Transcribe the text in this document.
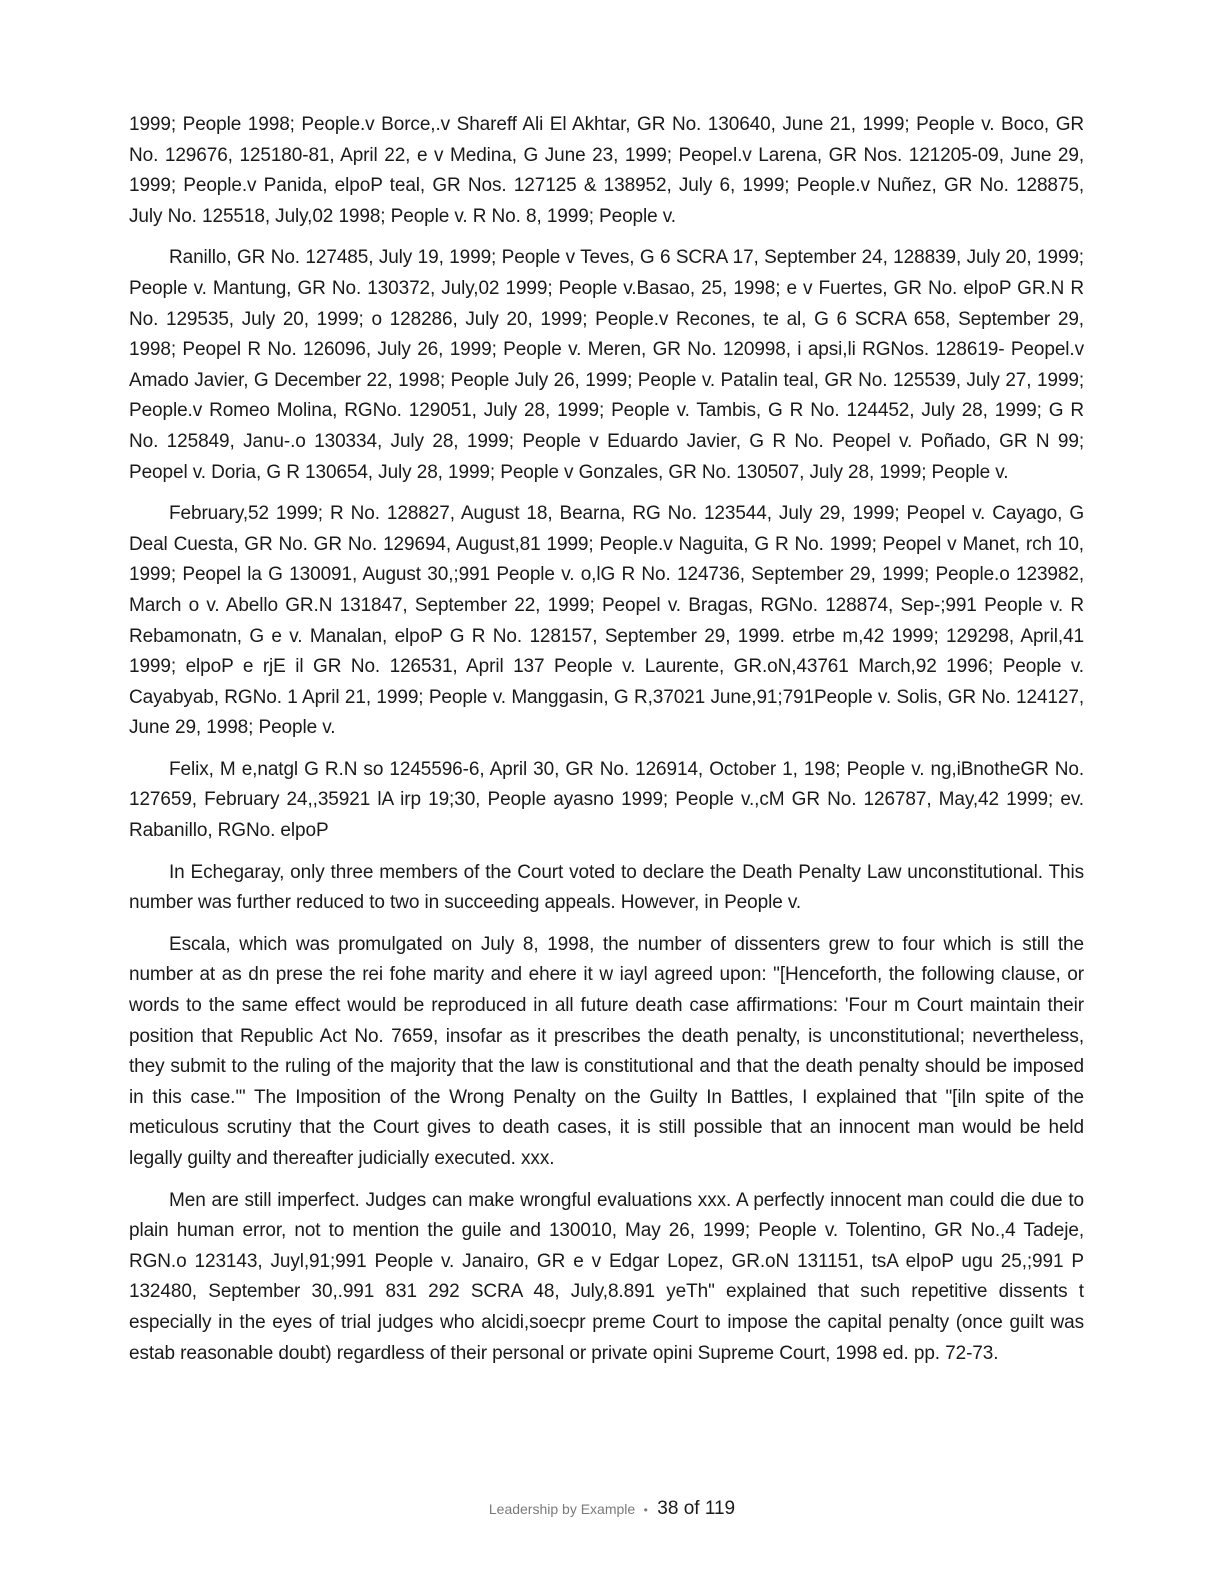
1999; People 1998; People.v Borce,.v Shareff Ali El Akhtar, GR No. 130640, June 21, 1999; People v. Boco, GR No. 129676, 125180-81, April 22, e v Medina, G June 23, 1999; Peopel.v Larena, GR Nos. 121205-09, June 29, 1999; People.v Panida, elpoP teal, GR Nos. 127125 & 138952, July 6, 1999; People.v Nuñez, GR No. 128875, July No. 125518, July,02 1998; People v. R No. 8, 1999; People v.

Ranillo, GR No. 127485, July 19, 1999; People v Teves, G 6 SCRA 17, September 24, 128839, July 20, 1999; People v. Mantung, GR No. 130372, July,02 1999; People v.Basao, 25, 1998; e v Fuertes, GR No. elpoP GR.N R No. 129535, July 20, 1999; o 128286, July 20, 1999; People.v Recones, te al, G 6 SCRA 658, September 29, 1998; Peopel R No. 126096, July 26, 1999; People v. Meren, GR No. 120998, i apsi,li RGNos. 128619- Peopel.v Amado Javier, G December 22, 1998; People July 26, 1999; People v. Patalin teal, GR No. 125539, July 27, 1999; People.v Romeo Molina, RGNo. 129051, July 28, 1999; People v. Tambis, G R No. 124452, July 28, 1999; G R No. 125849, Janu-.o 130334, July 28, 1999; People v Eduardo Javier, G R No. Peopel v. Poñado, GR N 99; Peopel v. Doria, G R 130654, July 28, 1999; People v Gonzales, GR No. 130507, July 28, 1999; People v.

February,52 1999; R No. 128827, August 18, Bearna, RG No. 123544, July 29, 1999; Peopel v. Cayago, G Deal Cuesta, GR No. GR No. 129694, August,81 1999; People.v Naguita, G R No. 1999; Peopel v Manet, rch 10, 1999; Peopel la G 130091, August 30,;991 People v. o,lG R No. 124736, September 29, 1999; People.o 123982, March o v. Abello GR.N 131847, September 22, 1999; Peopel v. Bragas, RGNo. 128874, Sep-;991 People v. R Rebamonatn, G e v. Manalan, elpoP G R No. 128157, September 29, 1999. etrbe m,42 1999; 129298, April,41 1999; elpoP e rjE il GR No. 126531, April 137 People v. Laurente, GR.oN,43761 March,92 1996; People v. Cayabyab, RGNo. 1 April 21, 1999; People v. Manggasin, G R,37021 June,91;791People v. Solis, GR No. 124127, June 29, 1998; People v.

Felix, M e,natgl G R.N so 1245596-6, April 30, GR No. 126914, October 1, 198; People v. ng,iBnotheGR No. 127659, February 24,,35921 lA irp 19;30, People ayasno 1999; People v.,cM GR No. 126787, May,42 1999; ev. Rabanillo, RGNo. elpoP

In Echegaray, only three members of the Court voted to declare the Death Penalty Law unconstitutional. This number was further reduced to two in succeeding appeals. However, in People v.

Escala, which was promulgated on July 8, 1998, the number of dissenters grew to four which is still the number at as dn prese the rei fohe marity and ehere it w iayl agreed upon: "[Henceforth, the following clause, or words to the same effect would be reproduced in all future death case affirmations: 'Four m Court maintain their position that Republic Act No. 7659, insofar as it prescribes the death penalty, is unconstitutional; nevertheless, they submit to the ruling of the majority that the law is constitutional and that the death penalty should be imposed in this case.'" The Imposition of the Wrong Penalty on the Guilty In Battles, I explained that "[iln spite of the meticulous scrutiny that the Court gives to death cases, it is still possible that an innocent man would be held legally guilty and thereafter judicially executed. xxx.

Men are still imperfect. Judges can make wrongful evaluations xxx. A perfectly innocent man could die due to plain human error, not to mention the guile and 130010, May 26, 1999; People v. Tolentino, GR No.,4 Tadeje, RGN.o 123143, Juyl,91;991 People v. Janairo, GR e v Edgar Lopez, GR.oN 131151, tsA elpoP ugu 25,;991 P 132480, September 30,.991 831 292 SCRA 48, July,8.891 yeTh" explained that such repetitive dissents t especially in the eyes of trial judges who alcidi,soecpr preme Court to impose the capital penalty (once guilt was estab reasonable doubt) regardless of their personal or private opini Supreme Court, 1998 ed. pp. 72-73.

Leadership by Example • 38 of 119
